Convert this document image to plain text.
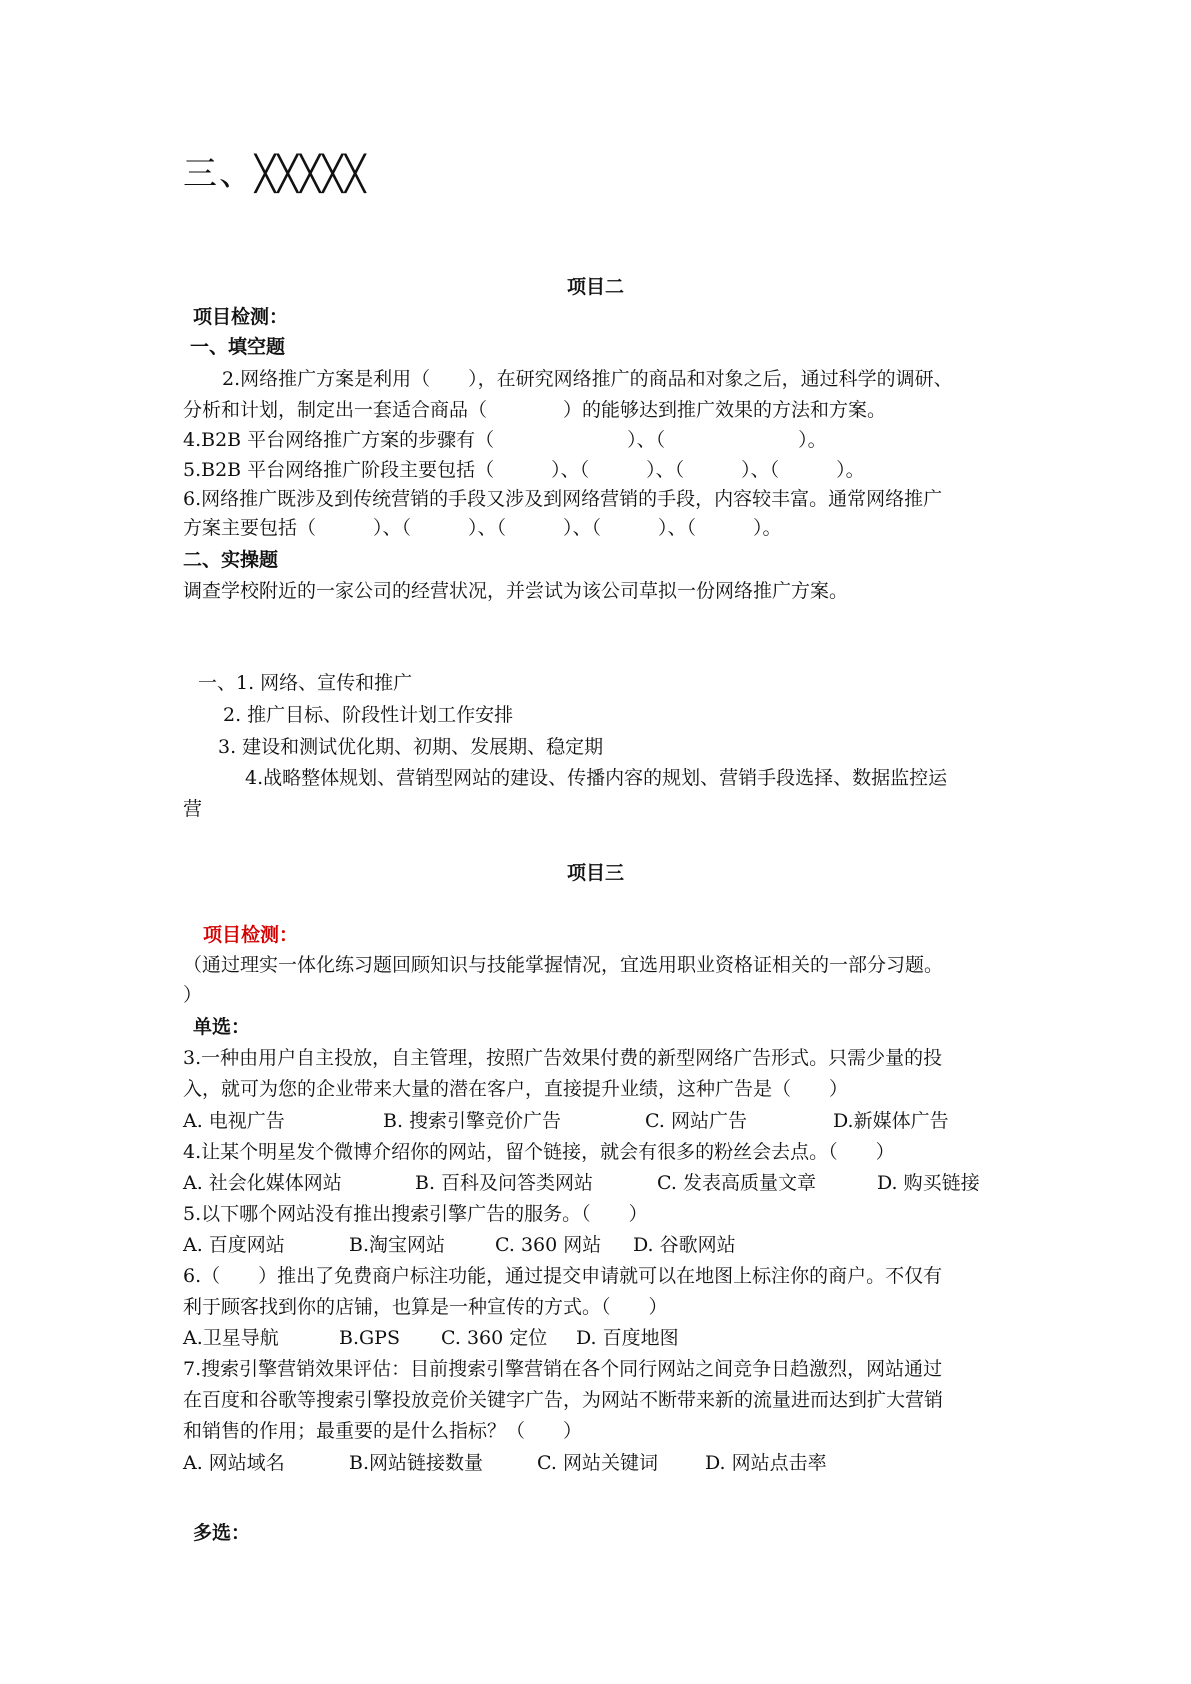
三、╳╳╳╳╳
项目二
项目检测：
一、填空题
2.网络推广方案是利用（　　），在研究网络推广的商品和对象之后，通过科学的调研、
分析和计划，制定出一套适合商品（　　　　）的能够达到推广效果的方法和方案。
4.B2B 平台网络推广方案的步骤有（　　　　　　　）、（　　　　　　　）。
5.B2B 平台网络推广阶段主要包括（　　　）、（　　　）、（　　　）、（　　　）。
6.网络推广既涉及到传统营销的手段又涉及到网络营销的手段，内容较丰富。通常网络推广
方案主要包括（　　　）、（　　　）、（　　　）、（　　　）、（　　　）。
二、实操题
调查学校附近的一家公司的经营状况，并尝试为该公司草拟一份网络推广方案。
一、1. 网络、宣传和推广
2. 推广目标、阶段性计划工作安排
3. 建设和测试优化期、初期、发展期、稳定期
4.战略整体规划、营销型网站的建设、传播内容的规划、营销手段选择、数据监控运
营
项目三
项目检测：
（通过理实一体化练习题回顾知识与技能掌握情况，宜选用职业资格证相关的一部分习题。
）
单选：
3.一种由用户自主投放，自主管理，按照广告效果付费的新型网络广告形式。只需少量的投
入，就可为您的企业带来大量的潜在客户，直接提升业绩，这种广告是（　　）
A. 电视广告	B. 搜索引擎竞价广告	C. 网站广告	D.新媒体广告
4.让某个明星发个微博介绍你的网站，留个链接，就会有很多的粉丝会去点。（　　）
A. 社会化媒体网站	B. 百科及问答类网站	C. 发表高质量文章	D. 购买链接
5.以下哪个网站没有推出搜索引擎广告的服务。（　　）
A. 百度网站	B.淘宝网站	C. 360 网站 D. 谷歌网站
6.（　　）推出了免费商户标注功能，通过提交申请就可以在地图上标注你的商户。不仅有
利于顾客找到你的店铺，也算是一种宣传的方式。（　　）
A.卫星导航	B.GPS C. 360 定位 D. 百度地图
7.搜索引擎营销效果评估：目前搜索引擎营销在各个同行网站之间竞争日趋激烈，网站通过
在百度和谷歌等搜索引擎投放竞价关键字广告，为网站不断带来新的流量进而达到扩大营销
和销售的作用；最重要的是什么指标？（　　）
A. 网站域名	B.网站链接数量	C. 网站关键词 D. 网站点击率
多选：
